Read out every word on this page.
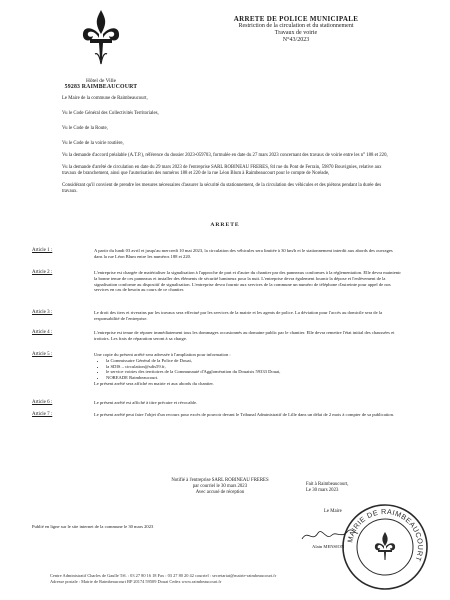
Hôtel de Ville
59283 RAIMBEAUCOURT
ARRETE DE POLICE MUNICIPALE
Restriction de la circulation et du stationnement
Travaux de voirie
N°43/2023
Le Maire de la commune de Raimbeaucourt,
Vu le Code Général des Collectivités Territoriales,
Vu le Code de la Route,
Vu le Code de la voirie routière,
Vu la demande d'accord préalable (A.T.P.), référence du dossier 2023-059703, formulée en date du 27 mars 2023 concernant des travaux de voirie entre les n° 188 et 220,
Vu la demande d'arrêté de circulation en date du 29 mars 2023 de l'entreprise SARL ROBINEAU FRERES, 84 rue du Pont de Ferrain, 59870 Bouvignies, relative aux travaux de branchement, ainsi que l'autorisation des numéros 188 et 220 de la rue Léon Blum à Raimbeaucourt pour le compte de Noréade,
Considérant qu'il convient de prendre les mesures nécessaires d'assurer la sécurité du stationnement, de la circulation des véhicules et des piétons pendant la durée des travaux.
ARRETE
Article 1 :	A partir du lundi 03 avril et jusqu'au mercredi 10 mai 2023, la circulation des véhicules sera limitée à 30 km/h et le stationnement interdit aux abords des ouvrages dans la rue Léon Blum entre les numéros 188 et 220.
Article 2 :	L'entreprise est chargée de matérialiser la signalisation à l'approche de part et d'autre du chantier par des panneaux conformes à la réglementation. Elle devra maintenir la bonne tenue de ces panneaux et installer des éléments de sécurité lumineux pour la nuit. L'entreprise devra également fournir la dépose et l'enlèvement de la signalisation conforme au dispositif de signalisation. L'entreprise devra fournir aux services de la commune un numéro de téléphone d'astreinte pour appel de nos services en cas de besoin au cours de ce chantier.
Article 3 :	Le droit des tiers et riverains par les travaux sera effectué par les services de la mairie et les agents de police. La déviation pour l'accès au domicile sera de la responsabilité de l'entreprise.
Article 4 :	L'entreprise est tenue de réparer immédiatement tous les dommages occasionnés au domaine public par le chantier. Elle devra remettre l'état initial des chaussées et trottoirs. Les frais de réparation seront à sa charge.
Article 5 :	Une copie du présent arrêté sera adressée à l'ampliation pour information :

• la Commissaire Général de la Police de Douai,
• la SDIS – circulation@sdis59.fr,
• le service voiries des territoires de la Communauté d'Agglomération du Douaisis 59333 Douai,
• NOREADE Raimbeaucourt.

Le présent arrêté sera affiché en mairie et aux abords du chantier.

Article 6 :	Le présent arrêté est affiché à titre précaire et révocable.
Article 7 :	Le présent arrêté peut faire l'objet d'un recours pour excès de pouvoir devant le Tribunal Administratif de Lille dans un délai de 2 mois à compter de sa publication.
Notifié à l'entreprise SARL ROBINEAU FRERES
par courriel le 30 mars 2023
Avec accusé de réception
Fait à Raimbeaucourt,
Le 30 mars 2023
Le Maire
Publié en ligne sur le site internet de la commune le 30 mars 2023
MAIRIE DE RAIMBEAUCOURT
Alain MENSION

Centre Administratif Charles de Gaulle Tél. : 03 27 80 16 18 Fax : 03 27 80 20 42 courriel : secretariat@mairie-raimbeaucourt.fr

Adresse postale : Mairie de Raimbeaucourt BP 20174 59509 Douai Cedex www.raimbeaucourt.fr
